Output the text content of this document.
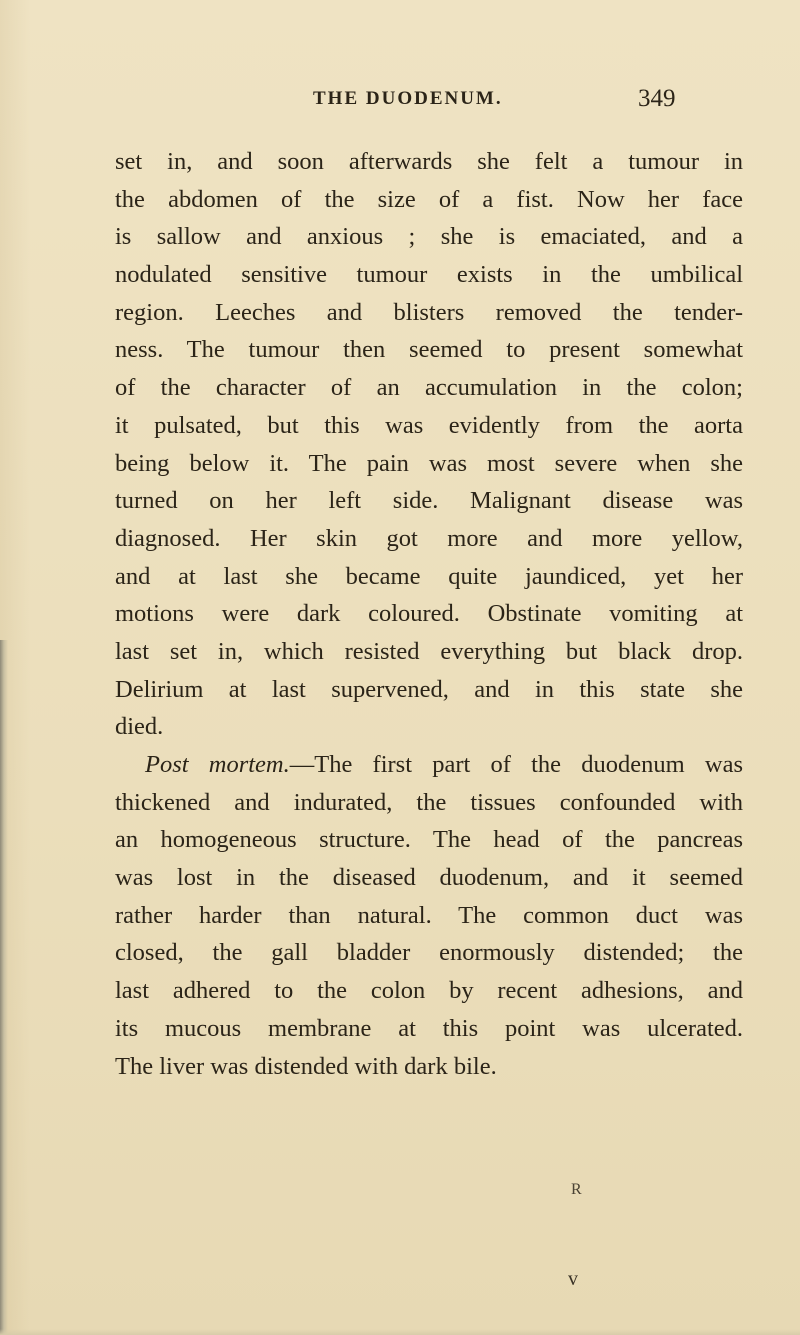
THE DUODENUM.	349
set in, and soon afterwards she felt a tumour in
the abdomen of the size of a fist. Now her face
is sallow and anxious ; she is emaciated, and a
nodulated sensitive tumour exists in the umbilical
region. Leeches and blisters removed the tender-
ness. The tumour then seemed to present somewhat
of the character of an accumulation in the colon;
it pulsated, but this was evidently from the aorta
being below it. The pain was most severe when she
turned on her left side. Malignant disease was
diagnosed. Her skin got more and more yellow,
and at last she became quite jaundiced, yet her
motions were dark coloured. Obstinate vomiting at
last set in, which resisted everything but black drop.
Delirium at last supervened, and in this state she
died.
Post mortem.—The first part of the duodenum was
thickened and indurated, the tissues confounded with
an homogeneous structure. The head of the pancreas
was lost in the diseased duodenum, and it seemed
rather harder than natural. The common duct was
closed, the gall bladder enormously distended; the
last adhered to the colon by recent adhesions, and
its mucous membrane at this point was ulcerated.
The liver was distended with dark bile.
R
ᴠ
